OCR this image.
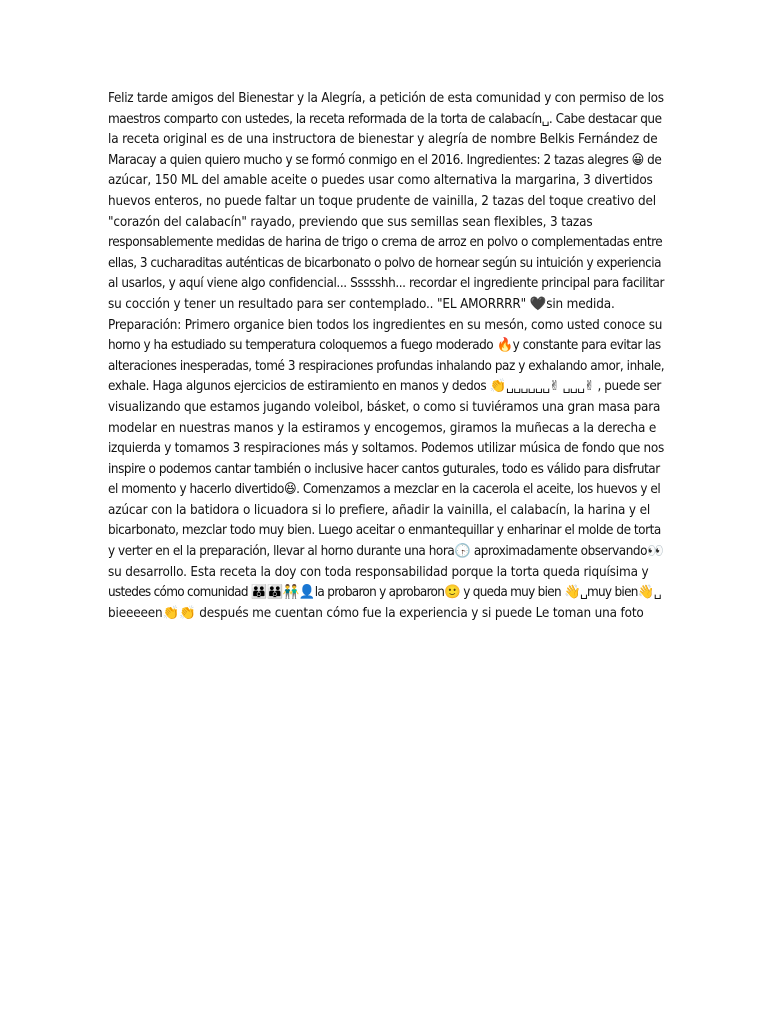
Feliz tarde amigos del Bienestar y la Alegría, a petición de esta comunidad y con permiso de los
maestros comparto con ustedes, la receta reformada de la torta de calabacín␣. Cabe destacar que
la receta original es de una instructora de bienestar y alegría de nombre Belkis Fernández de
Maracay a quien quiero mucho y se formó conmigo en el 2016. Ingredientes: 2 tazas alegres 😀 de
azúcar, 150 ML del amable aceite o puedes usar como alternativa la margarina, 3 divertidos
huevos enteros, no puede faltar un toque prudente de vainilla, 2 tazas del toque creativo del
"corazón del calabacín" rayado, previendo que sus semillas sean flexibles, 3 tazas
responsablemente medidas de harina de trigo o crema de arroz en polvo o complementadas entre
ellas, 3 cucharaditas auténticas de bicarbonato o polvo de hornear según su intuición y experiencia
al usarlos, y aquí viene algo confidencial... Ssssshh... recordar el ingrediente principal para facilitar
su cocción y tener un resultado para ser contemplado.. "EL AMORRRR" 🖤sin medida.
Preparación: Primero organice bien todos los ingredientes en su mesón, como usted conoce su
horno y ha estudiado su temperatura coloquemos a fuego moderado 🔥y constante para evitar las
alteraciones inesperadas, tomé 3 respiraciones profundas inhalando paz y exhalando amor, inhale,
exhale. Haga algunos ejercicios de estiramiento en manos y dedos 👏␣␣␣␣␣␣✌ ␣␣␣✌ , puede ser
visualizando que estamos jugando voleibol, básket, o como si tuviéramos una gran masa para
modelar en nuestras manos y la estiramos y encogemos, giramos la muñecas a la derecha e
izquierda y tomamos 3 respiraciones más y soltamos. Podemos utilizar música de fondo que nos
inspire o podemos cantar también o inclusive hacer cantos guturales, todo es válido para disfrutar
el momento y hacerlo divertido😆. Comenzamos a mezclar en la cacerola el aceite, los huevos y el
azúcar con la batidora o licuadora si lo prefiere, añadir la vainilla, el calabacín, la harina y el
bicarbonato, mezclar todo muy bien. Luego aceitar o enmantequillar y enharinar el molde de torta
y verter en el la preparación, llevar al horno durante una hora🕞 aproximadamente observando👀
su desarrollo. Esta receta la doy con toda responsabilidad porque la torta queda riquísima y
ustedes cómo comunidad 👪👪👬👤la probaron y aprobaron🙂 y queda muy bien 👋␣muy bien👋␣
bieeeeen👏👏 después me cuentan cómo fue la experiencia y si puede Le toman una foto
